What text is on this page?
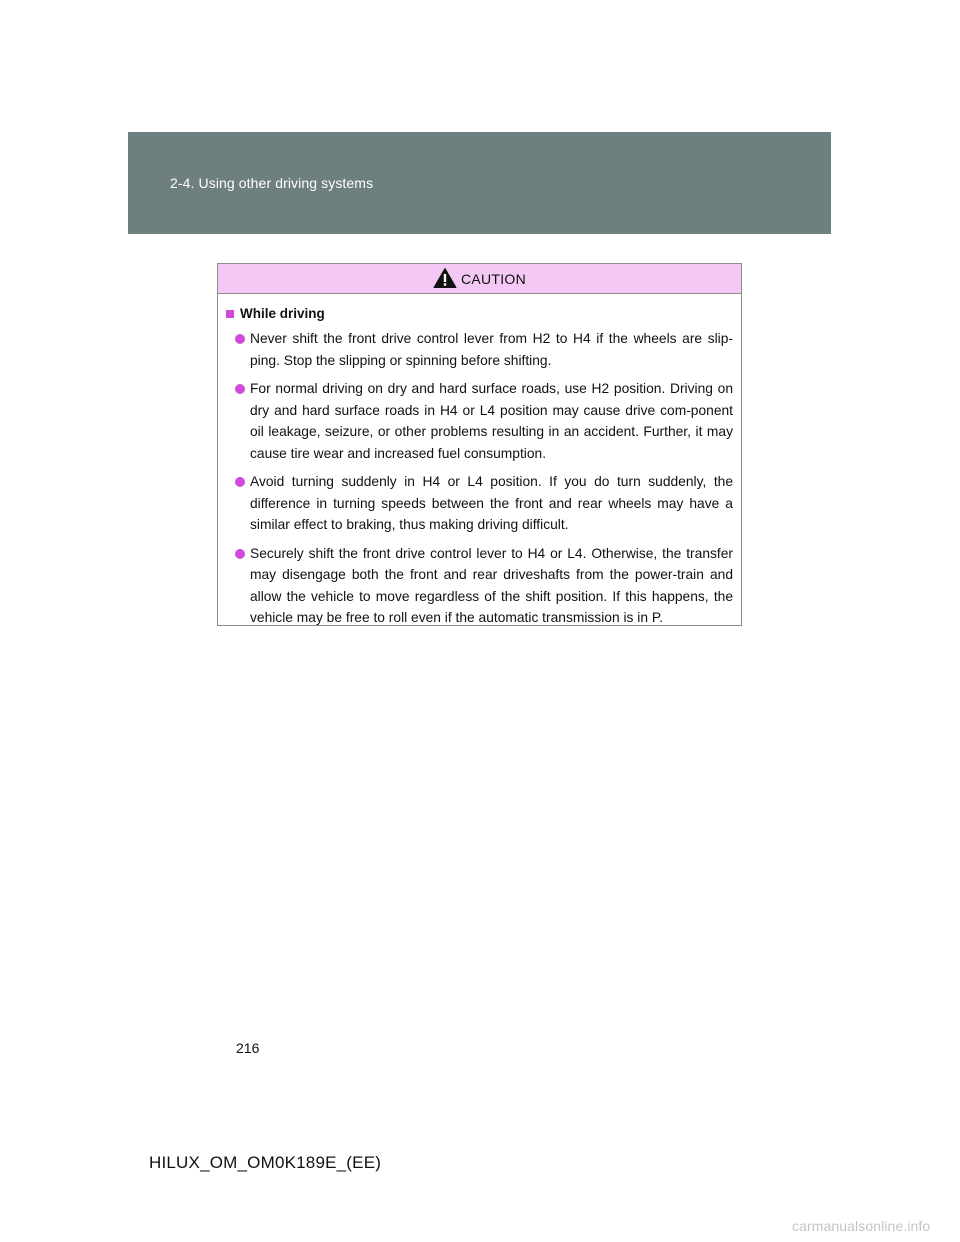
2-4. Using other driving systems
CAUTION
While driving
Never shift the front drive control lever from H2 to H4 if the wheels are slip-ping. Stop the slipping or spinning before shifting.
For normal driving on dry and hard surface roads, use H2 position. Driving on dry and hard surface roads in H4 or L4 position may cause drive com-ponent oil leakage, seizure, or other problems resulting in an accident. Further, it may cause tire wear and increased fuel consumption.
Avoid turning suddenly in H4 or L4 position. If you do turn suddenly, the difference in turning speeds between the front and rear wheels may have a similar effect to braking, thus making driving difficult.
Securely shift the front drive control lever to H4 or L4. Otherwise, the transfer may disengage both the front and rear driveshafts from the power-train and allow the vehicle to move regardless of the shift position. If this happens, the vehicle may be free to roll even if the automatic transmission is in P.
216
HILUX_OM_OM0K189E_(EE)
carmanualsonline.info
